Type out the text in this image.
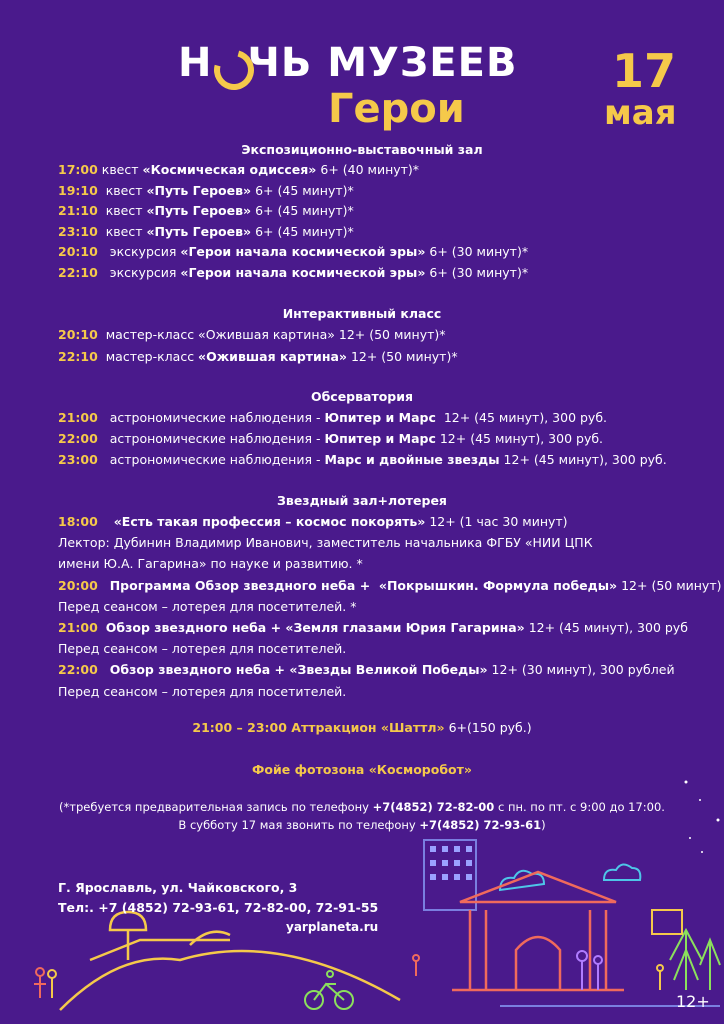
Н ЧЬ МУЗЕЕВ
Герои
17
мая
Экспозиционно-выставочный зал
17:00 квест «Космическая одиссея» 6+ (40 минут)*
19:10  квест «Путь Героев» 6+ (45 минут)*
21:10  квест «Путь Героев» 6+ (45 минут)*
23:10  квест «Путь Героев» 6+ (45 минут)*
20:10   экскурсия «Герои начала космической эры» 6+ (30 минут)*
22:10   экскурсия «Герои начала космической эры» 6+ (30 минут)*
Интерактивный класс
20:10  мастер-класс «Ожившая картина» 12+ (50 минут)*
22:10  мастер-класс «Ожившая картина» 12+ (50 минут)*
Обсерватория
21:00   астрономические наблюдения - Юпитер и Марс  12+ (45 минут), 300 руб.
22:00   астрономические наблюдения - Юпитер и Марс 12+ (45 минут), 300 руб.
23:00   астрономические наблюдения - Марс и двойные звезды 12+ (45 минут), 300 руб.
Звездный зал+лотерея
18:00 «Есть такая профессия – космос покорять» 12+ (1 час 30 минут)
Лектор: Дубинин Владимир Иванович, заместитель начальника ФГБУ «НИИ ЦПК
имени Ю.А. Гагарина» по науке и развитию. *
20:00 Программа Обзор звездного неба +  «Покрышкин. Формула победы» 12+ (50 минут)
Перед сеансом – лотерея для посетителей. *
21:00 Обзор звездного неба + «Земля глазами Юрия Гагарина» 12+ (45 минут), 300 руб
Перед сеансом – лотерея для посетителей.
22:00 Обзор звездного неба + «Звезды Великой Победы» 12+ (30 минут), 300 рублей
Перед сеансом – лотерея для посетителей.
21:00 – 23:00 Аттракцион «Шаттл» 6+(150 руб.)
Фойе фотозона «Косморобот»
(*требуется предварительная запись по телефону +7(4852) 72-82-00 с пн. по пт. с 9:00 до 17:00.
В субботу 17 мая звонить по телефону +7(4852) 72-93-61)
Г. Ярославль, ул. Чайковского, 3
Тел:. +7 (4852) 72-93-61, 72-82-00, 72-91-55
yarplaneta.ru
12+
